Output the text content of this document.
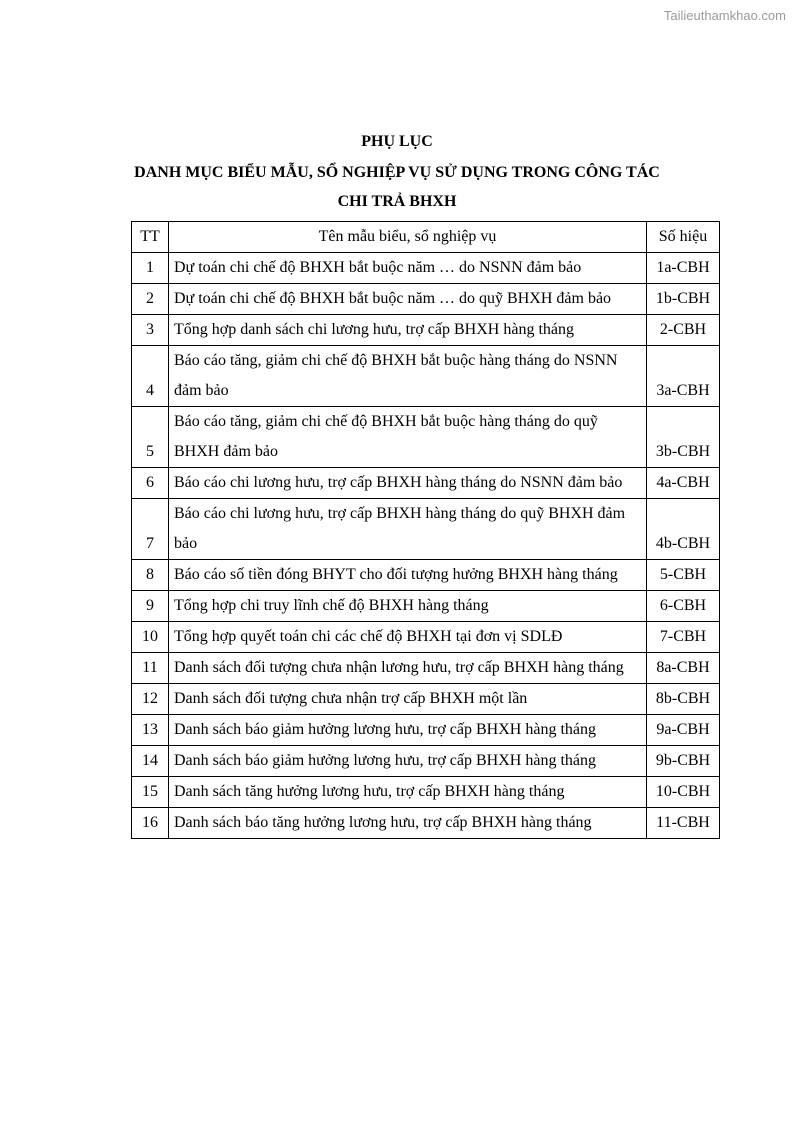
Tailieuthamkhao.com
PHỤ LỤC
DANH MỤC BIỂU MẪU, SỔ NGHIỆP VỤ SỬ DỤNG TRONG CÔNG TÁC
CHI TRẢ BHXH
TT	Tên mẫu biểu, sổ nghiệp vụ	Số hiệu
1	Dự toán chi chế độ BHXH bắt buộc năm … do NSNN đảm bảo	1a-CBH
2	Dự toán chi chế độ BHXH bắt buộc năm … do quỹ BHXH đảm bảo	1b-CBH
3	Tổng hợp danh sách chi lương hưu, trợ cấp BHXH hàng tháng	2-CBH
4	Báo cáo tăng, giảm chi chế độ BHXH bắt buộc hàng tháng do NSNN đảm bảo	3a-CBH
5	Báo cáo tăng, giảm chi chế độ BHXH bắt buộc hàng tháng do quỹ BHXH đảm bảo	3b-CBH
6	Báo cáo chi lương hưu, trợ cấp BHXH hàng tháng do NSNN đảm bảo	4a-CBH
7	Báo cáo chi lương hưu, trợ cấp BHXH hàng tháng do quỹ BHXH đảm bảo	4b-CBH
8	Báo cáo số tiền đóng BHYT cho đối tượng hưởng BHXH hàng tháng	5-CBH
9	Tổng hợp chi truy lĩnh chế độ BHXH hàng tháng	6-CBH
10	Tổng hợp quyết toán chi các chế độ BHXH tại đơn vị SDLĐ	7-CBH
11	Danh sách đối tượng chưa nhận lương hưu, trợ cấp BHXH hàng tháng	8a-CBH
12	Danh sách đối tượng chưa nhận trợ cấp BHXH một lần	8b-CBH
13	Danh sách báo giảm hưởng lương hưu, trợ cấp BHXH hàng tháng	9a-CBH
14	Danh sách báo giảm hưởng lương hưu, trợ cấp BHXH hàng tháng	9b-CBH
15	Danh sách tăng hưởng lương hưu, trợ cấp BHXH hàng tháng	10-CBH
16	Danh sách báo tăng hưởng lương hưu, trợ cấp BHXH hàng tháng	11-CBH
